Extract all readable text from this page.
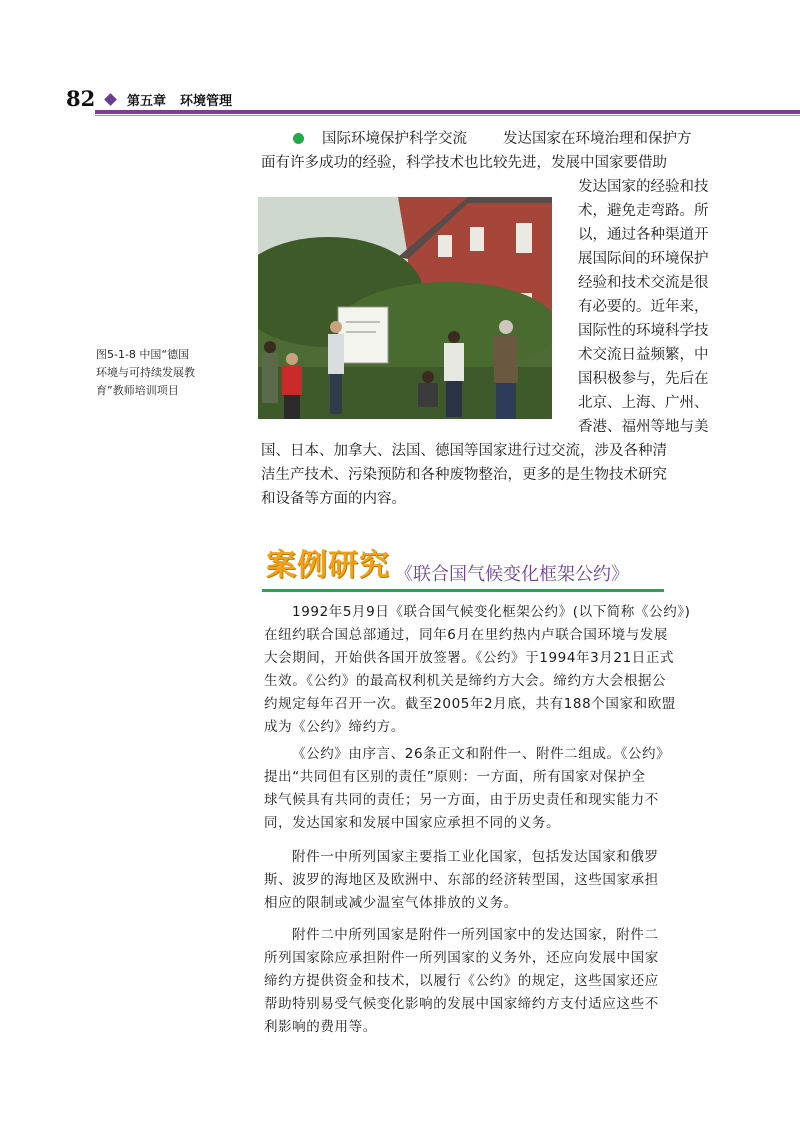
82 第五章 环境管理
国际环境保护科学交流 发达国家在环境治理和保护方
面有许多成功的经验，科学技术也比较先进，发展中国家要借助
发达国家的经验和技
术，避免走弯路。所
以，通过各种渠道开
展国际间的环境保护
经验和技术交流是很
有必要的。近年来，
国际性的环境科学技
术交流日益频繁，中
国积极参与，先后在
北京、上海、广州、
香港、福州等地与美
国、日本、加拿大、法国、德国等国家进行过交流，涉及各种清
洁生产技术、污染预防和各种废物整治，更多的是生物技术研究
和设备等方面的内容。
图5-1-8 中国“德国
环境与可持续发展教
育”教师培训项目
案例研究 《联合国气候变化框架公约》
1992年5月9日《联合国气候变化框架公约》(以下简称《公约》)
在纽约联合国总部通过，同年6月在里约热内卢联合国环境与发展
大会期间，开始供各国开放签署。《公约》于1994年3月21日正式
生效。《公约》的最高权利机关是缔约方大会。缔约方大会根据公
约规定每年召开一次。截至2005年2月底，共有188个国家和欧盟
成为《公约》缔约方。
《公约》由序言、26条正文和附件一、附件二组成。《公约》
提出“共同但有区别的责任”原则：一方面，所有国家对保护全
球气候具有共同的责任；另一方面，由于历史责任和现实能力不
同，发达国家和发展中国家应承担不同的义务。
附件一中所列国家主要指工业化国家，包括发达国家和俄罗
斯、波罗的海地区及欧洲中、东部的经济转型国，这些国家承担
相应的限制或减少温室气体排放的义务。
附件二中所列国家是附件一所列国家中的发达国家，附件二
所列国家除应承担附件一所列国家的义务外，还应向发展中国家
缔约方提供资金和技术，以履行《公约》的规定，这些国家还应
帮助特别易受气候变化影响的发展中国家缔约方支付适应这些不
利影响的费用等。
